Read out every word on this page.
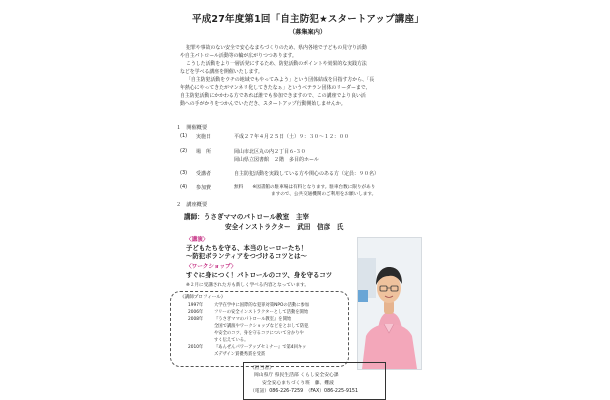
平成27年度第1回「自主防犯★スタートアップ講座」
（募集案内）
犯罪や事故のない安全で安心なまちづくりのため、県内各地で子どもの見守り活動
や自主パトロール活動等の輪が広がりつつあります。
こうした活動をより一層活発にするため、防犯活動のポイントや効果的な実践方法
などを学べる講座を開催いたします。
「自主防犯活動をウチの地域でもやってみよう」という団体結成を目指す方から、「長
年熱心にやってきたがマンネリ化してきたなぁ」というベテラン団体のリーダーまで、
自主防犯活動にかかわる方であれば誰でも参加できますので、この講座でより良い活
動への手がかりをつかんでいただき、スタートアップ行動開始しませんか。
１　開催概要
(1) 実施日	平成２７年４月２５日（土）９：３０～１２：００
(2) 場　所	岡山市北区丸の内２丁目６-３０
岡山県立図書館　２階　多目的ホール
(3) 受講者	自主防犯活動を実践している方や関心のある方（定員：９０名）
(4) 参加費	無料　　※図書館の駐車場は有料となります。駐車台数に限りがあり
ますので、公共交通機関のご利用をお願いします。
２　講座概要
講師：うさぎママのパトロール教室　主宰
安全インストラクター　武田　信彦　氏
〈講演〉
子どもたちを守る、本当のヒーローたち！
～防犯ボランティアをつづけるコツとは～
〈ワークショップ〉
すぐに身につく！パトロールのコツ、身を守るコツ
※２月に受講された方も新しく学べる内容となっています。
《講師プロフィール》
1997年	大学在学中に国際的な犯罪対策NPOの活動に参加
2006年	フリーの安全インストラクターとして活動を開始
2008年	『うさぎママのパトロール教室』を開始
全国で講演やワークショップなどをとおして防犯
や安全のコツ、身を守るコツについて分かりや
すく伝えている。
2010年	『あんぜんパワーアップセミナー』で第4回キッ
ズデザイン賞優秀賞を受賞
《担当者》
岡山県庁 県民生活部 くらし安全安心課
安全安心まちづくり班　藤、難波
（電話）086-226-7259　（FAX）086-225-9151
